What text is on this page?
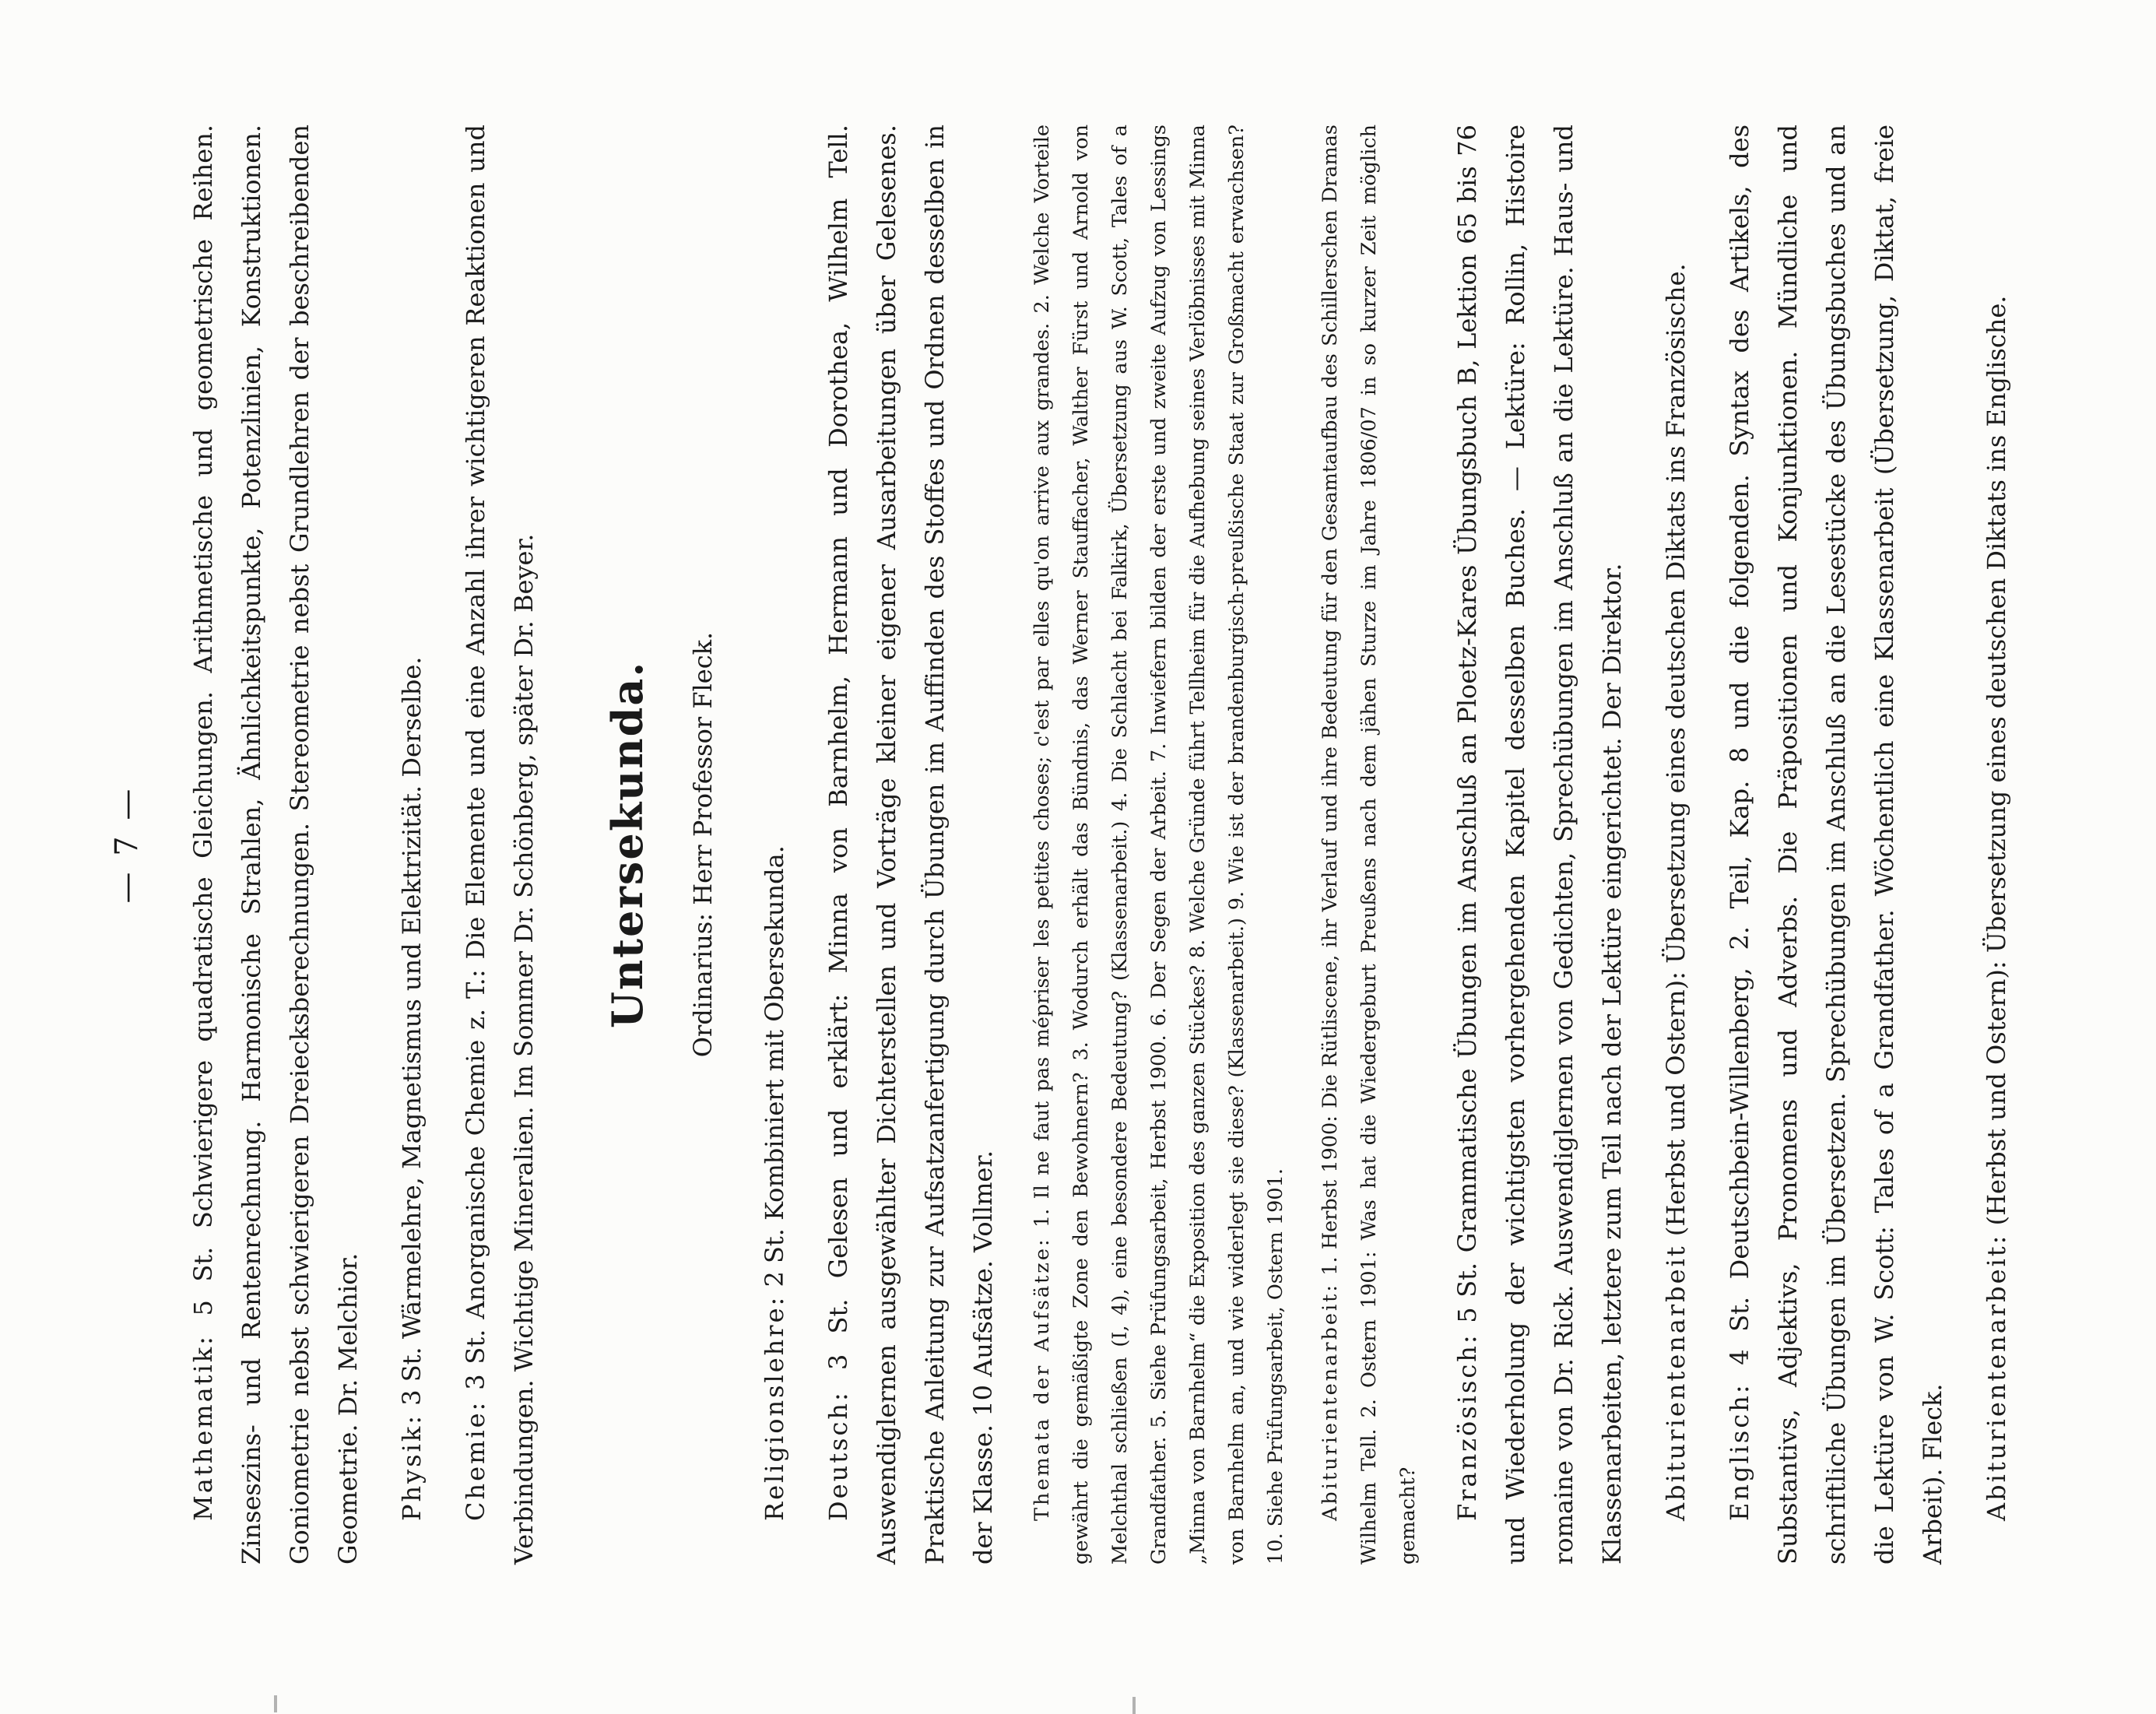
— 7 —

Mathematik: 5 St. Schwierigere quadratische Gleichungen. Arithmetische und geometrische Reihen. Zinseszins- und Rentenrechnung. Harmonische Strahlen, Ähnlichkeitspunkte, Potenzlinien, Konstruktionen. Goniometrie nebst schwierigeren Dreiecksberechnungen. Stereometrie nebst Grundlehren der beschreibenden Geometrie. Dr. Melchior.	Physik: 3 St. Wärmelehre, Magnetismus und Elektrizität. Derselbe.

Chemie: 3 St. Anorganische Chemie z. T.: Die Elemente und eine Anzahl ihrer wichtigeren Reaktionen und Verbindungen. Wichtige Mineralien. Im Sommer Dr. Schönberg, später Dr. Beyer. Untersekunda.	Ordinarius: Herr Professor Fleck.

Religionslehre: 2 St. Kombiniert mit Obersekunda.

Deutsch: 3 St. Gelesen und erklärt: Minna von Barnhelm, Hermann und Dorothea, Wilhelm Tell. Auswendiglernen ausgewählter Dichterstellen und Vorträge kleiner eigener Ausarbeitungen über Gelesenes. Praktische Anleitung zur Aufsatzanfertigung durch Übungen im Auffinden des Stoffes und Ordnen desselben in der Klasse. 10 Aufsätze. Vollmer.	Themata der Aufsätze: 1. Il ne faut pas mépriser les petites choses; c'est par elles qu'on arrive aux grandes. 2. Welche Vorteile gewährt die gemäßigte Zone den Bewohnern? 3. Wodurch erhält das Bündnis, das Werner Stauffacher, Walther Fürst und Arnold von Melchthal schließen (I, 4), eine besondere Bedeutung? (Klassenarbeit.) 4. Die Schlacht bei Falkirk, Übersetzung aus W. Scott, Tales of a Grandfather. 5. Siehe Prüfungsarbeit, Herbst 1900. 6. Der Segen der Arbeit. 7. Inwiefern bilden der erste und zweite Aufzug von Lessings „Minna von Barnhelm“ die Exposition des ganzen Stückes? 8. Welche Gründe führt Tellheim für die Aufhebung seines Verlöbnisses mit Minna von Barnhelm an, und wie widerlegt sie diese? (Klassenarbeit.) 9. Wie ist der brandenburgisch-preußische Staat zur Großmacht erwachsen? 10. Siehe Prüfungsarbeit, Ostern 1901.	Abiturientenarbeit: 1. Herbst 1900: Die Rütliscene, ihr Verlauf und ihre Bedeutung für den Gesamtaufbau des Schillerschen Dramas Wilhelm Tell. 2. Ostern 1901: Was hat die Wiedergeburt Preußens nach dem jähen Sturze im Jahre 1806/07 in so kurzer Zeit möglich gemacht?	Französisch: 5 St. Grammatische Übungen im Anschluß an Ploetz-Kares Übungsbuch B, Lektion 65 bis 76 und Wiederholung der wichtigsten vorhergehenden Kapitel desselben Buches. — Lektüre: Rollin, Histoire romaine von Dr. Rick. Auswendiglernen von Gedichten, Sprechübungen im Anschluß an die Lektüre. Haus- und Klassenarbeiten, letztere zum Teil nach der Lektüre eingerichtet. Der Direktor.	Abiturientenarbeit (Herbst und Ostern): Übersetzung eines deutschen Diktats ins Französische.

Englisch: 4 St. Deutschbein-Willenberg, 2. Teil, Kap. 8 und die folgenden. Syntax des Artikels, des Substantivs, Adjektivs, Pronomens und Adverbs. Die Präpositionen und Konjunktionen. Mündliche und schriftliche Übungen im Übersetzen. Sprechübungen im Anschluß an die Lesestücke des Übungsbuches und an die Lektüre von W. Scott: Tales of a Grandfather. Wöchentlich eine Klassenarbeit (Übersetzung, Diktat, freie Arbeit). Fleck.	Abiturientenarbeit: (Herbst und Ostern): Übersetzung eines deutschen Diktats ins Englische.
